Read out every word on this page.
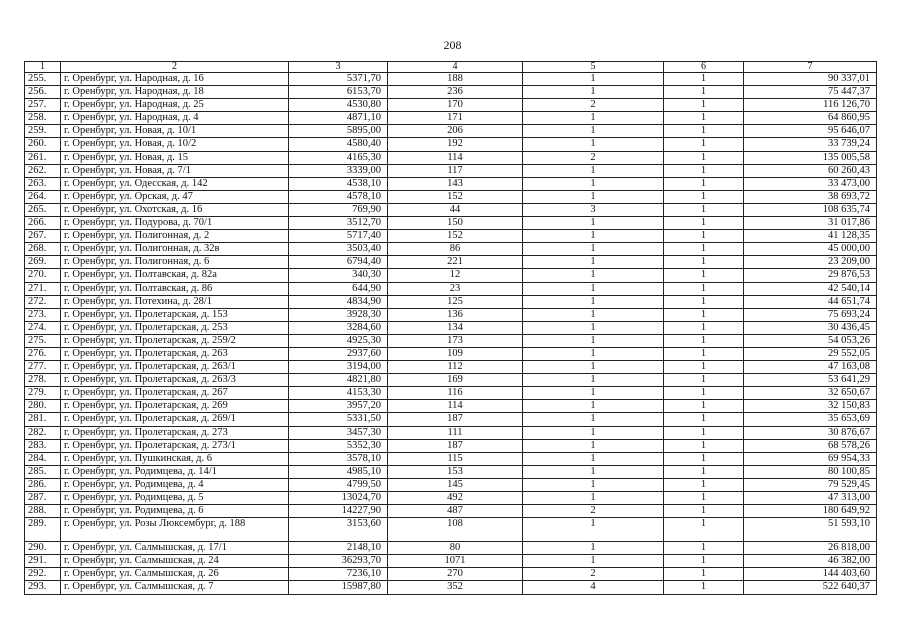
208
1	2	3	4	5	6	7
255.	г. Оренбург, ул. Народная, д. 16	5371,70	188	1	1	90 337,01
256.	г. Оренбург, ул. Народная, д. 18	6153,70	236	1	1	75 447,37
257.	г. Оренбург, ул. Народная, д. 25	4530,80	170	2	1	116 126,70
258.	г. Оренбург, ул. Народная, д. 4	4871,10	171	1	1	64 860,95
259.	г. Оренбург, ул. Новая, д. 10/1	5895,00	206	1	1	95 646,07
260.	г. Оренбург, ул. Новая, д. 10/2	4580,40	192	1	1	33 739,24
261.	г. Оренбург, ул. Новая, д. 15	4165,30	114	2	1	135 005,58
262.	г. Оренбург, ул. Новая, д. 7/1	3339,00	117	1	1	60 260,43
263.	г. Оренбург, ул. Одесская, д. 142	4538,10	143	1	1	33 473,00
264.	г. Оренбург, ул. Орская, д. 47	4578,10	152	1	1	38 693,72
265.	г. Оренбург, ул. Охотская, д. 16	769,90	44	3	1	108 635,74
266.	г. Оренбург, ул. Подурова, д. 70/1	3512,70	150	1	1	31 017,86
267.	г. Оренбург, ул. Полигонная, д. 2	5717,40	152	1	1	41 128,35
268.	г. Оренбург, ул. Полигонная, д. 32в	3503,40	86	1	1	45 000,00
269.	г. Оренбург, ул. Полигонная, д. 6	6794,40	221	1	1	23 209,00
270.	г. Оренбург, ул. Полтавская, д. 82а	340,30	12	1	1	29 876,53
271.	г. Оренбург, ул. Полтавская, д. 86	644,90	23	1	1	42 540,14
272.	г. Оренбург, ул. Потехина, д. 28/1	4834,90	125	1	1	44 651,74
273.	г. Оренбург, ул. Пролетарская, д. 153	3928,30	136	1	1	75 693,24
274.	г. Оренбург, ул. Пролетарская, д. 253	3284,60	134	1	1	30 436,45
275.	г. Оренбург, ул. Пролетарская, д. 259/2	4925,30	173	1	1	54 053,26
276.	г. Оренбург, ул. Пролетарская, д. 263	2937,60	109	1	1	29 552,05
277.	г. Оренбург, ул. Пролетарская, д. 263/1	3194,00	112	1	1	47 163,08
278.	г. Оренбург, ул. Пролетарская, д. 263/3	4821,80	169	1	1	53 641,29
279.	г. Оренбург, ул. Пролетарская, д. 267	4153,30	116	1	1	32 650,67
280.	г. Оренбург, ул. Пролетарская, д. 269	3957,20	114	1	1	32 150,83
281.	г. Оренбург, ул. Пролетарская, д. 269/1	5331,50	187	1	1	35 653,69
282.	г. Оренбург, ул. Пролетарская, д. 273	3457,30	111	1	1	30 876,67
283.	г. Оренбург, ул. Пролетарская, д. 273/1	5352,30	187	1	1	68 578,26
284.	г. Оренбург, ул. Пушкинская, д. 6	3578,10	115	1	1	69 954,33
285.	г. Оренбург, ул. Родимцева, д. 14/1	4985,10	153	1	1	80 100,85
286.	г. Оренбург, ул. Родимцева, д. 4	4799,50	145	1	1	79 529,45
287.	г. Оренбург, ул. Родимцева, д. 5	13024,70	492	1	1	47 313,00
288.	г. Оренбург, ул. Родимцева, д. 6	14227,90	487	2	1	180 649,92
289.	г. Оренбург, ул. Розы Люксембург, д. 188	3153,60	108	1	1	51 593,10
290.	г. Оренбург, ул. Салмышская, д. 17/1	2148,10	80	1	1	26 818,00
291.	г. Оренбург, ул. Салмышская, д. 24	36293,70	1071	1	1	46 382,00
292.	г. Оренбург, ул. Салмышская, д. 26	7236,10	270	2	1	144 403,60
293.	г. Оренбург, ул. Салмышская, д. 7	15987,80	352	4	1	522 640,37
